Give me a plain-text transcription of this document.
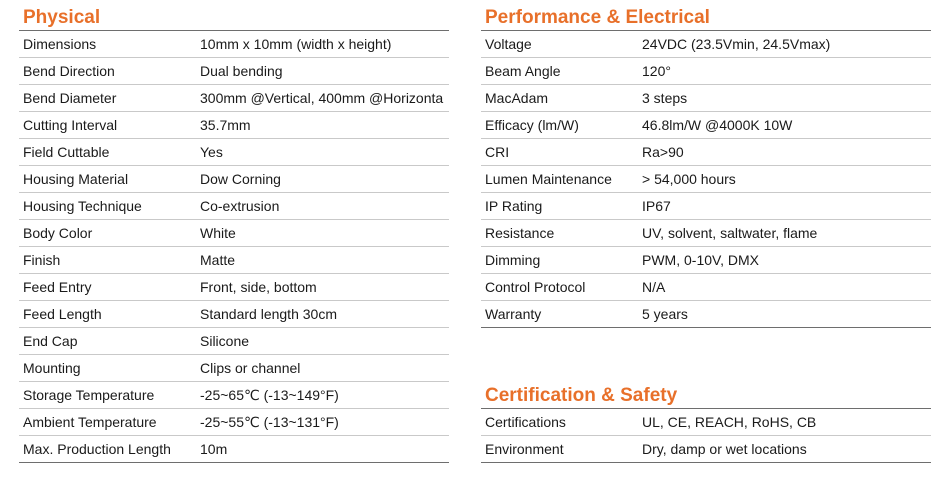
Physical
Dimensions	10mm x 10mm (width x height)
Bend Direction	Dual bending
Bend Diameter	300mm @Vertical, 400mm @Horizonta
Cutting Interval	35.7mm
Field Cuttable	Yes
Housing Material	Dow Corning
Housing Technique	Co-extrusion
Body Color	White
Finish	Matte
Feed Entry	Front, side, bottom
Feed Length	Standard length 30cm
End Cap	Silicone
Mounting	Clips or channel
Storage Temperature	-25~65℃ (-13~149°F)
Ambient Temperature	-25~55℃ (-13~131°F)
Max. Production Length	10m
Performance & Electrical
Voltage	24VDC (23.5Vmin, 24.5Vmax)
Beam Angle	120°
MacAdam	3 steps
Efficacy (lm/W)	46.8lm/W @4000K 10W
CRI	Ra>90
Lumen Maintenance	> 54,000 hours
IP Rating	IP67
Resistance	UV, solvent, saltwater, flame
Dimming	PWM, 0-10V, DMX
Control Protocol	N/A
Warranty	5 years
Certification & Safety
Certifications	UL, CE, REACH, RoHS, CB
Environment	Dry, damp or wet locations
